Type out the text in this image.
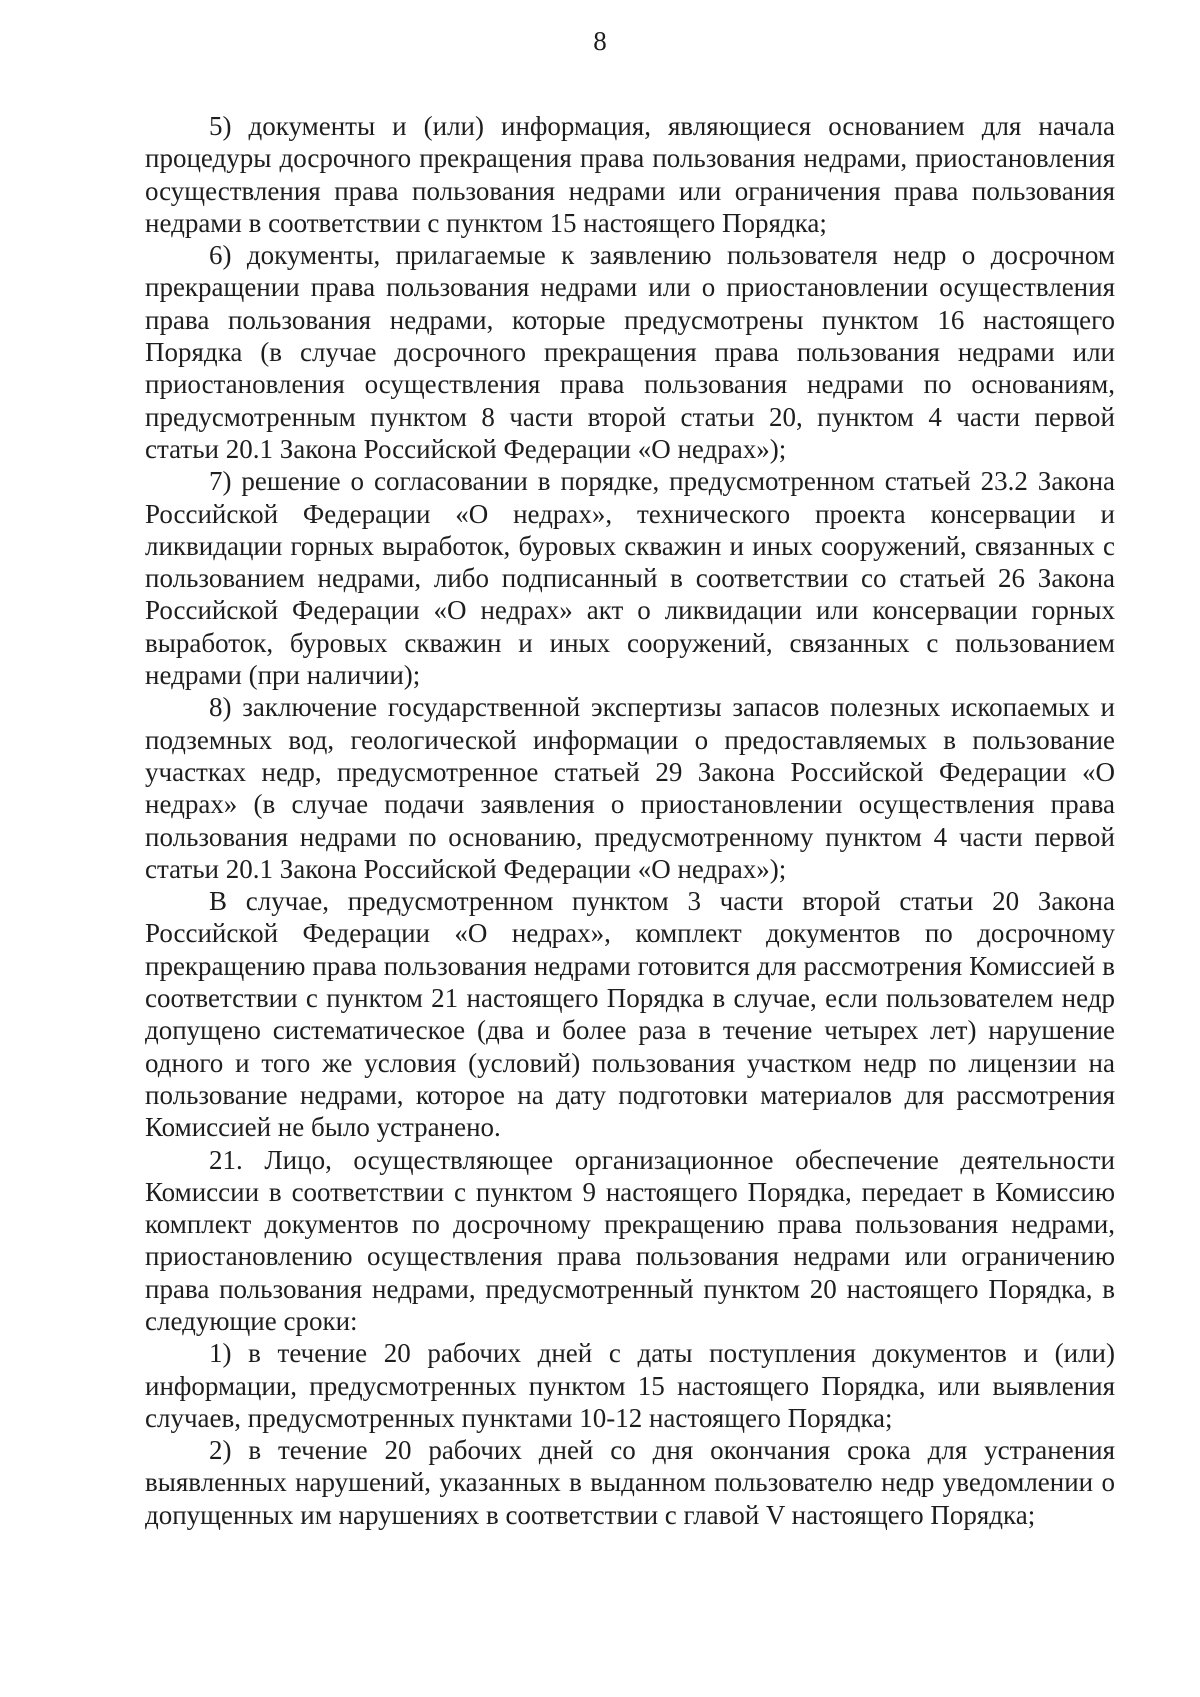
8

5) документы и (или) информация, являющиеся основанием для начала процедуры досрочного прекращения права пользования недрами, приостановления осуществления права пользования недрами или ограничения права пользования недрами в соответствии с пунктом 15 настоящего Порядка;

6) документы, прилагаемые к заявлению пользователя недр о досрочном прекращении права пользования недрами или о приостановлении осуществления права пользования недрами, которые предусмотрены пунктом 16 настоящего Порядка (в случае досрочного прекращения права пользования недрами или приостановления осуществления права пользования недрами по основаниям, предусмотренным пунктом 8 части второй статьи 20, пунктом 4 части первой статьи 20.1 Закона Российской Федерации «О недрах»);

7) решение о согласовании в порядке, предусмотренном статьей 23.2 Закона Российской Федерации «О недрах», технического проекта консервации и ликвидации горных выработок, буровых скважин и иных сооружений, связанных с пользованием недрами, либо подписанный в соответствии со статьей 26 Закона Российской Федерации «О недрах» акт о ликвидации или консервации горных выработок, буровых скважин и иных сооружений, связанных с пользованием недрами (при наличии);

8) заключение государственной экспертизы запасов полезных ископаемых и подземных вод, геологической информации о предоставляемых в пользование участках недр, предусмотренное статьей 29 Закона Российской Федерации «О недрах» (в случае подачи заявления о приостановлении осуществления права пользования недрами по основанию, предусмотренному пунктом 4 части первой статьи 20.1 Закона Российской Федерации «О недрах»);

В случае, предусмотренном пунктом 3 части второй статьи 20 Закона Российской Федерации «О недрах», комплект документов по досрочному прекращению права пользования недрами готовится для рассмотрения Комиссией в соответствии с пунктом 21 настоящего Порядка в случае, если пользователем недр допущено систематическое (два и более раза в течение четырех лет) нарушение одного и того же условия (условий) пользования участком недр по лицензии на пользование недрами, которое на дату подготовки материалов для рассмотрения Комиссией не было устранено.

21. Лицо, осуществляющее организационное обеспечение деятельности Комиссии в соответствии с пунктом 9 настоящего Порядка, передает в Комиссию комплект документов по досрочному прекращению права пользования недрами, приостановлению осуществления права пользования недрами или ограничению права пользования недрами, предусмотренный пунктом 20 настоящего Порядка, в следующие сроки:

1) в течение 20 рабочих дней с даты поступления документов и (или) информации, предусмотренных пунктом 15 настоящего Порядка, или выявления случаев, предусмотренных пунктами 10-12 настоящего Порядка;

2) в течение 20 рабочих дней со дня окончания срока для устранения выявленных нарушений, указанных в выданном пользователю недр уведомлении о допущенных им нарушениях в соответствии с главой V настоящего Порядка;
